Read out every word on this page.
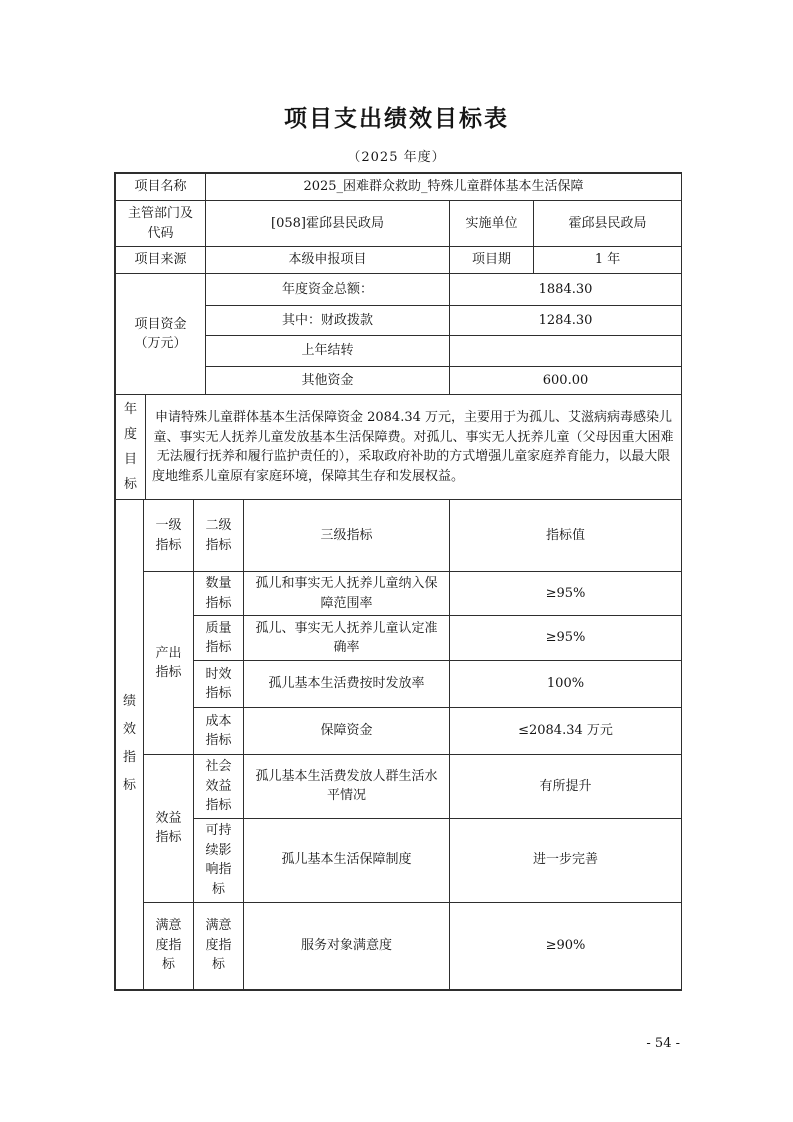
项目支出绩效目标表
（2025 年度）
项目名称	2025_困难群众救助_特殊儿童群体基本生活保障		
主管部门及代码	[058]霍邱县民政局	实施单位	霍邱县民政局
项目来源	本级申报项目	项目期	1 年

项目资金
（万元）	年度资金总额：	1884.30	
	其中：财政拨款	1284.30	
	上年结转		
	其他资金	600.00	
年度目标	申请特殊儿童群体基本生活保障资金 2084.34 万元，主要用于为孤儿、艾滋病病毒感染儿童、事实无人抚养儿童发放基本生活保障费。对孤儿、事实无人抚养儿童（父母因重大困难无法履行抚养和履行监护责任的），采取政府补助的方式增强儿童家庭养育能力，以最大限度地维系儿童原有家庭环境，保障其生存和发展权益。
绩效指标	一级指标	二级指标	三级指标	指标值
	产出指标	数量指标	孤儿和事实无人抚养儿童纳入保障范围率	≥95%
		质量指标	孤儿、事实无人抚养儿童认定准确率	≥95%
		时效指标	孤儿基本生活费按时发放率	100%
		成本指标	保障资金	≤2084.34 万元
	效益指标	社会效益指标	孤儿基本生活费发放人群生活水平情况	有所提升
		可持续影响指标	孤儿基本生活保障制度	进一步完善
	满意度指标	满意度指标	服务对象满意度	≥90%
- 54 -
